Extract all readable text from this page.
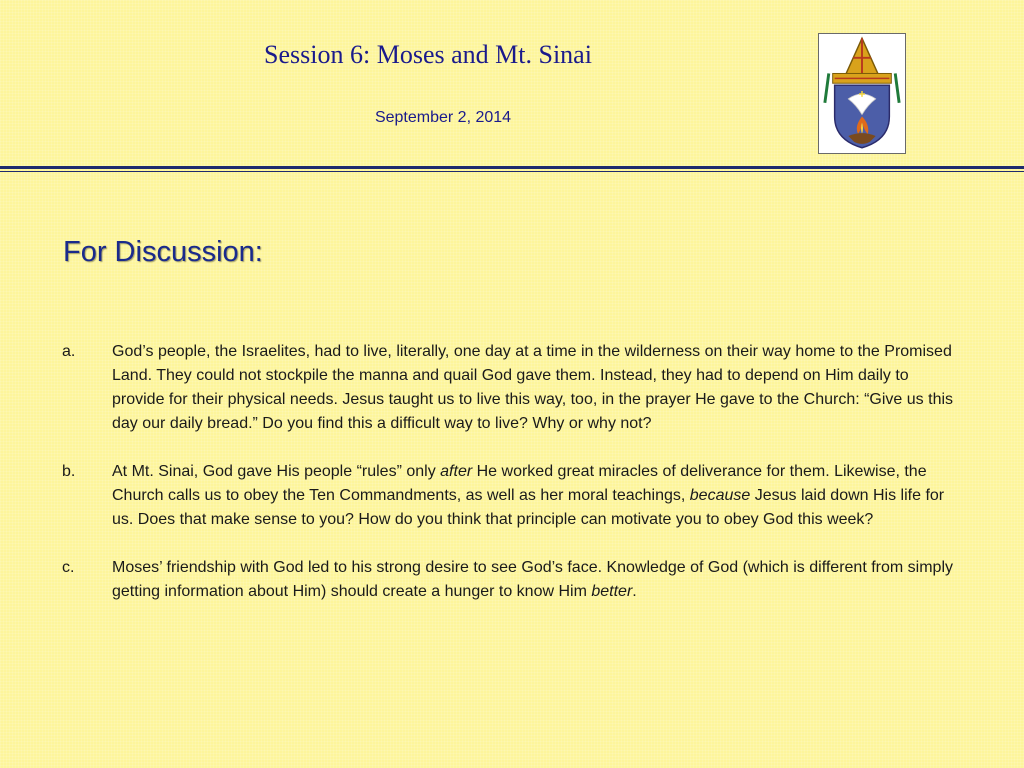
Session 6: Moses and Mt. Sinai
September 2, 2014
For Discussion:
a. God’s people, the Israelites, had to live, literally, one day at a time in the wilderness on their way home to the Promised Land. They could not stockpile the manna and quail God gave them. Instead, they had to depend on Him daily to provide for their physical needs. Jesus taught us to live this way, too, in the prayer He gave to the Church: “Give us this day our daily bread.” Do you find this a difficult way to live? Why or why not?
b. At Mt. Sinai, God gave His people “rules” only after He worked great miracles of deliverance for them. Likewise, the Church calls us to obey the Ten Commandments, as well as her moral teachings, because Jesus laid down His life for us. Does that make sense to you? How do you think that principle can motivate you to obey God this week?
c. Moses’ friendship with God led to his strong desire to see God’s face. Knowledge of God (which is different from simply getting information about Him) should create a hunger to know Him better.
